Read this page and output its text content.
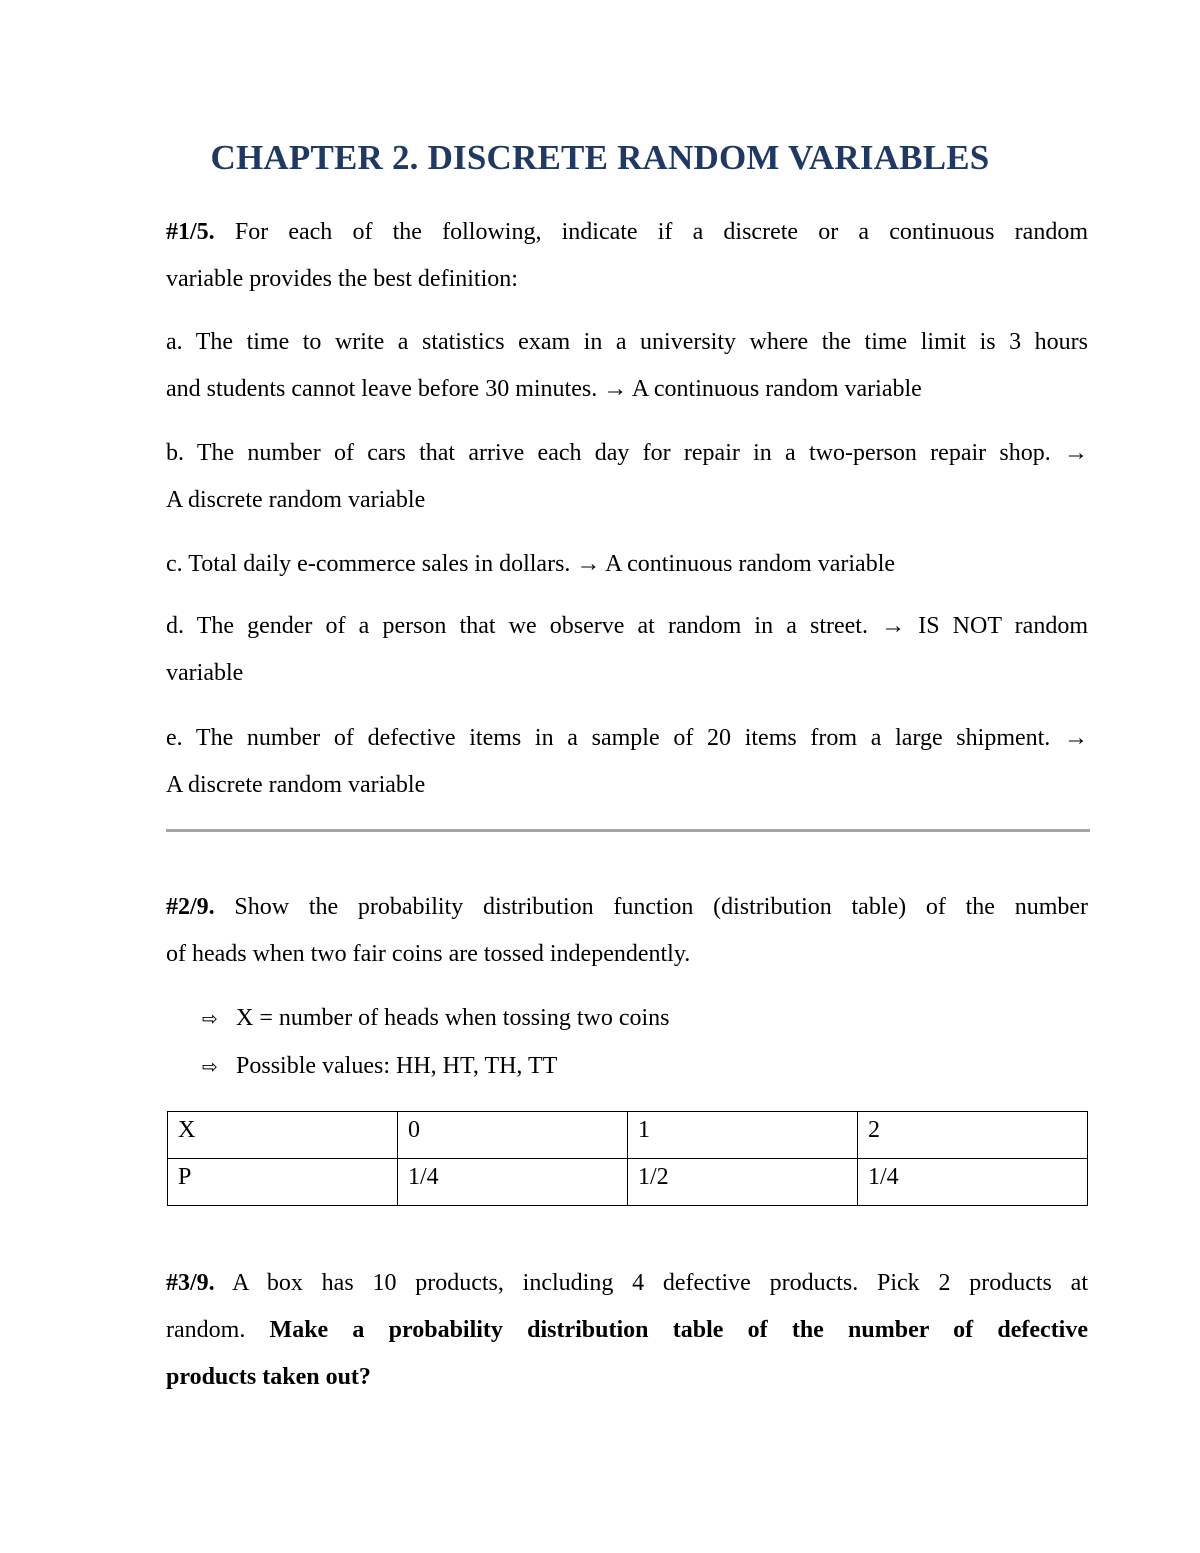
CHAPTER 2. DISCRETE RANDOM VARIABLES
#1/5. For each of the following, indicate if a discrete or a continuous random
variable provides the best definition:
a. The time to write a statistics exam in a university where the time limit is 3 hours
and students cannot leave before 30 minutes. → A continuous random variable
b. The number of cars that arrive each day for repair in a two-person repair shop. →
A discrete random variable
c. Total daily e-commerce sales in dollars. → A continuous random variable
d. The gender of a person that we observe at random in a street. → IS NOT random
variable
e. The number of defective items in a sample of 20 items from a large shipment. →
A discrete random variable
#2/9. Show the probability distribution function (distribution table) of the number
of heads when two fair coins are tossed independently.
⇨ X = number of heads when tossing two coins
⇨ Possible values: HH, HT, TH, TT
X	0	1	2
P	1/4	1/2	1/4
#3/9. A box has 10 products, including 4 defective products. Pick 2 products at
random. Make a probability distribution table of the number of defective
products taken out?
